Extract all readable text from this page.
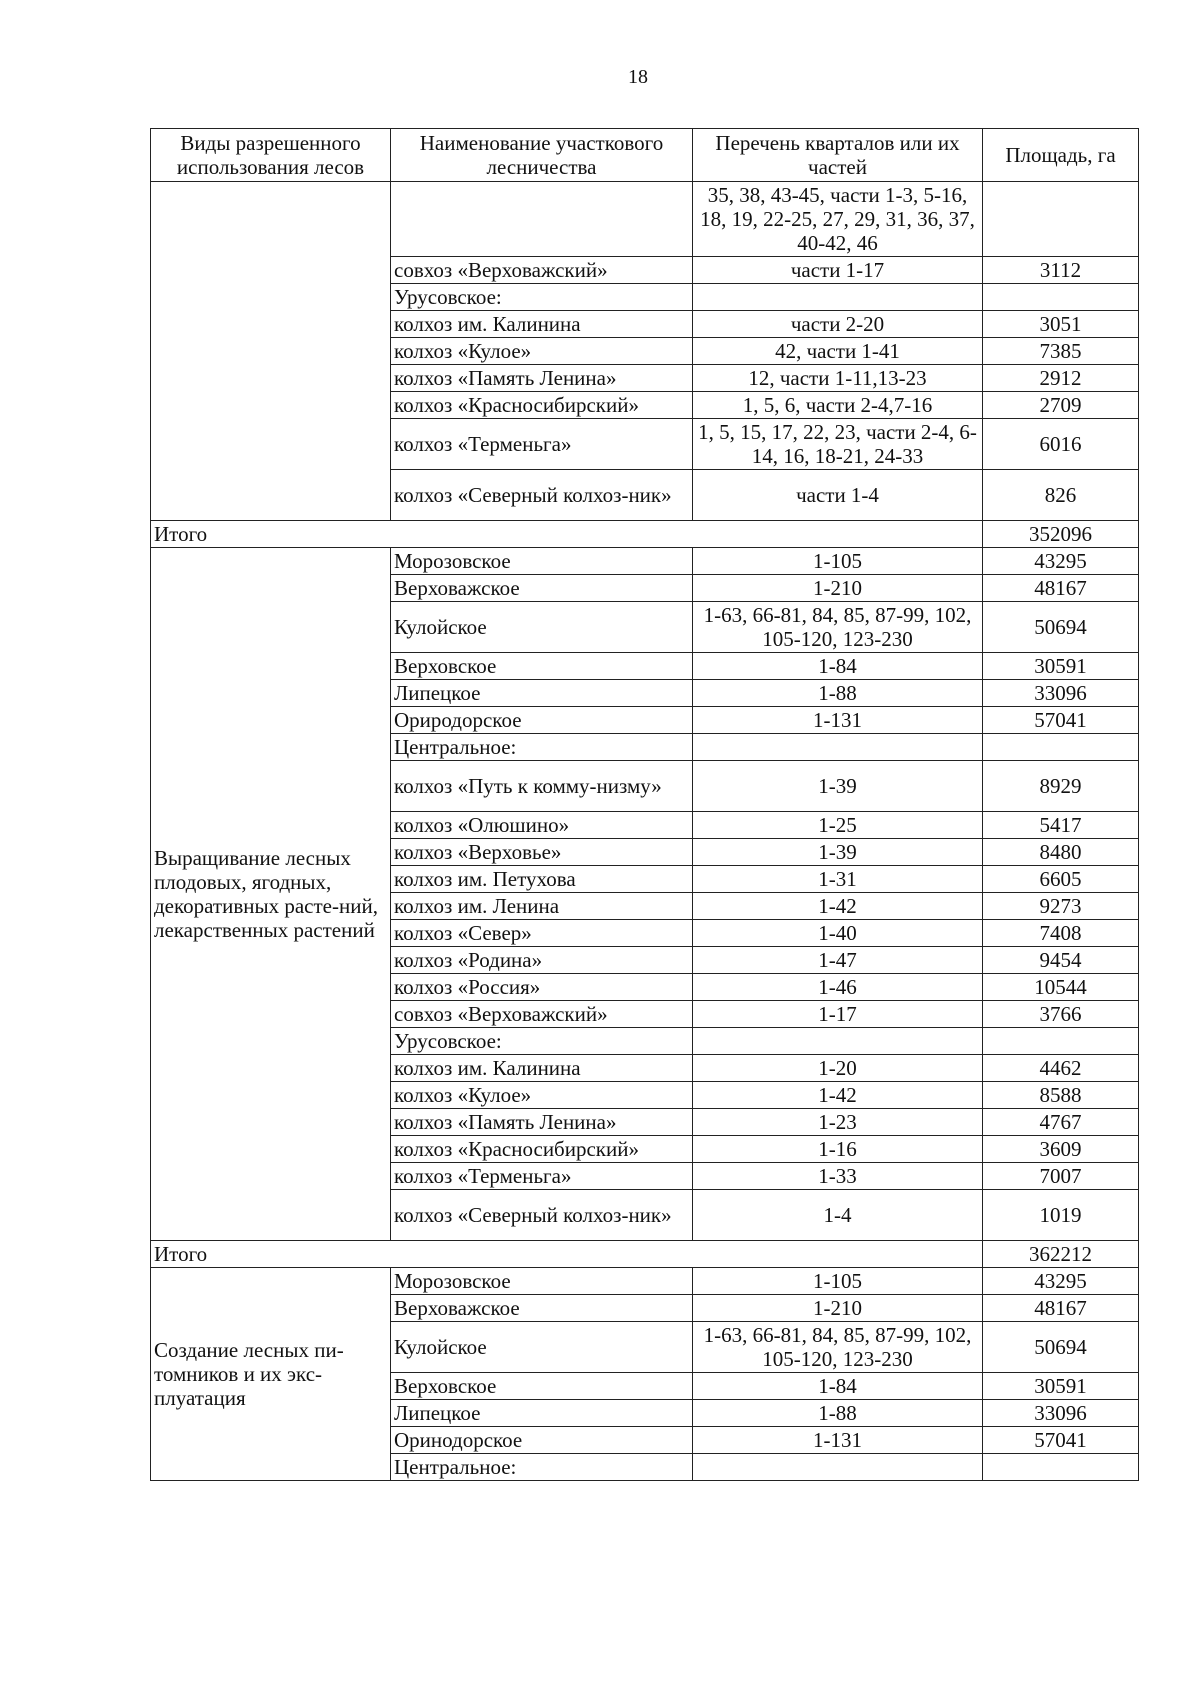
18
Виды разрешенного использования лесов	Наименование участкового лесничества	Перечень кварталов или их частей	Площадь, га
		35, 38, 43-45, части 1-3, 5-16, 18, 19, 22-25, 27, 29, 31, 36, 37, 40-42, 46	
	совхоз «Верховажский»	части 1-17	3112
	Урусовское:		
	колхоз им. Калинина	части 2-20	3051
	колхоз «Кулое»	42, части 1-41	7385
	колхоз «Память Ленина»	12, части 1-11,13-23	2912
	колхоз «Красносибирский»	1, 5, 6, части 2-4,7-16	2709
	колхоз «Терменьга»	1, 5, 15, 17, 22, 23, части 2-4, 6-14, 16, 18-21, 24-33	6016
	колхоз «Северный колхоз-ник»	части 1-4	826
Итого			352096
Выращивание лесных плодовых, ягодных, декоративных расте-ний, лекарственных растений	Морозовское	1-105	43295
	Верховажское	1-210	48167
	Кулойское	1-63, 66-81, 84, 85, 87-99, 102, 105-120, 123-230	50694
	Верховское	1-84	30591
	Липецкое	1-88	33096
	Ориродорское	1-131	57041
	Центральное:		
	колхоз «Путь к комму-низму»	1-39	8929
	колхоз «Олюшино»	1-25	5417
	колхоз «Верховье»	1-39	8480
	колхоз им. Петухова	1-31	6605
	колхоз им. Ленина	1-42	9273
	колхоз «Север»	1-40	7408
	колхоз «Родина»	1-47	9454
	колхоз «Россия»	1-46	10544
	совхоз «Верховажский»	1-17	3766
	Урусовское:		
	колхоз им. Калинина	1-20	4462
	колхоз «Кулое»	1-42	8588
	колхоз «Память Ленина»	1-23	4767
	колхоз «Красносибирский»	1-16	3609
	колхоз «Терменьга»	1-33	7007
	колхоз «Северный колхоз-ник»	1-4	1019
Итого			362212
Создание лесных пи-томников и их экс-плуатация	Морозовское	1-105	43295
	Верховажское	1-210	48167
	Кулойское	1-63, 66-81, 84, 85, 87-99, 102, 105-120, 123-230	50694
	Верховское	1-84	30591
	Липецкое	1-88	33096
	Оринодорское	1-131	57041
	Центральное:		
